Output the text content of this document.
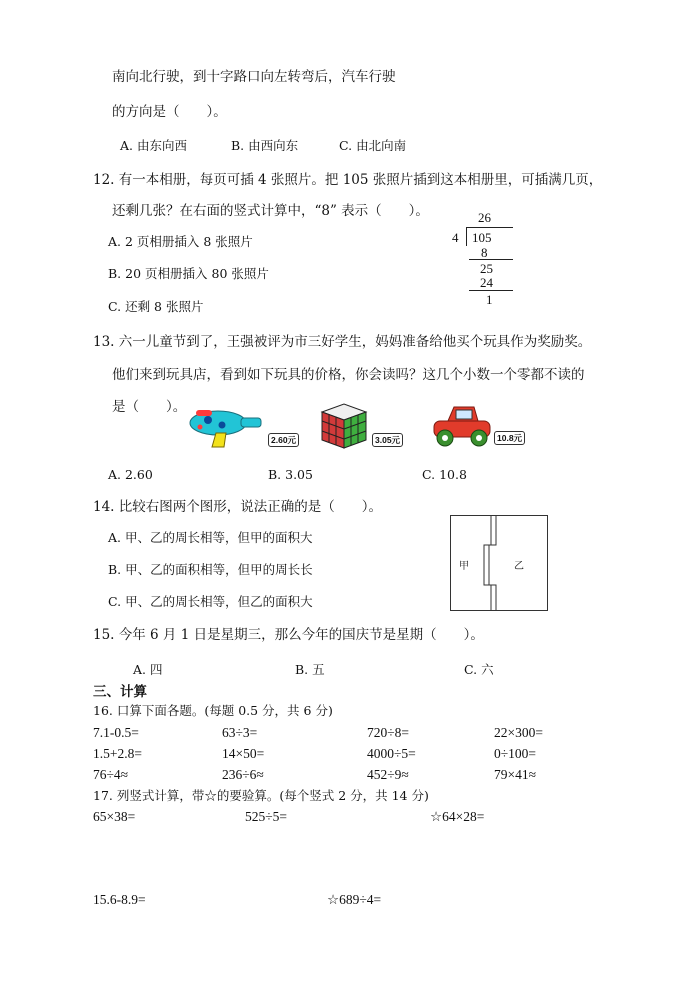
南向北行驶，到十字路口向左转弯后，汽车行驶
的方向是（　　）。
A. 由东向西	B. 由西向东	C. 由北向南
12. 有一本相册，每页可插 4 张照片。把 105 张照片插到这本相册里，可插满几页，
还剩几张？在右面的竖式计算中，“8” 表示（　　）。
A. 2 页相册插入 8 张照片
B. 20 页相册插入 80 张照片
C. 还剩 8 张照片
26
4 105
8
25
24
1
13. 六一儿童节到了，王强被评为市三好学生，妈妈准备给他买个玩具作为奖励奖。
他们来到玩具店，看到如下玩具的价格，你会读吗？这几个小数一个零都不读的
是（　　）。
2.60元	3.05元	10.8元
A. 2.60	B. 3.05	C. 10.8
14. 比较右图两个图形，说法正确的是（　　）。
A. 甲、乙的周长相等，但甲的面积大
B. 甲、乙的面积相等，但甲的周长长
C. 甲、乙的周长相等，但乙的面积大
甲	乙
15. 今年 6 月 1 日是星期三，那么今年的国庆节是星期（　　）。
A. 四	B. 五	C. 六
三、计算
16. 口算下面各题。(每题 0.5 分，共 6 分)
7.1-0.5=	63÷3=	720÷8=	22×300=
1.5+2.8=	14×50=	4000÷5=	0÷100=
76÷4≈	236÷6≈	452÷9≈	79×41≈
17. 列竖式计算，带☆的要验算。(每个竖式 2 分，共 14 分)
65×38=	525÷5=	☆64×28=
15.6-8.9=	☆689÷4=
